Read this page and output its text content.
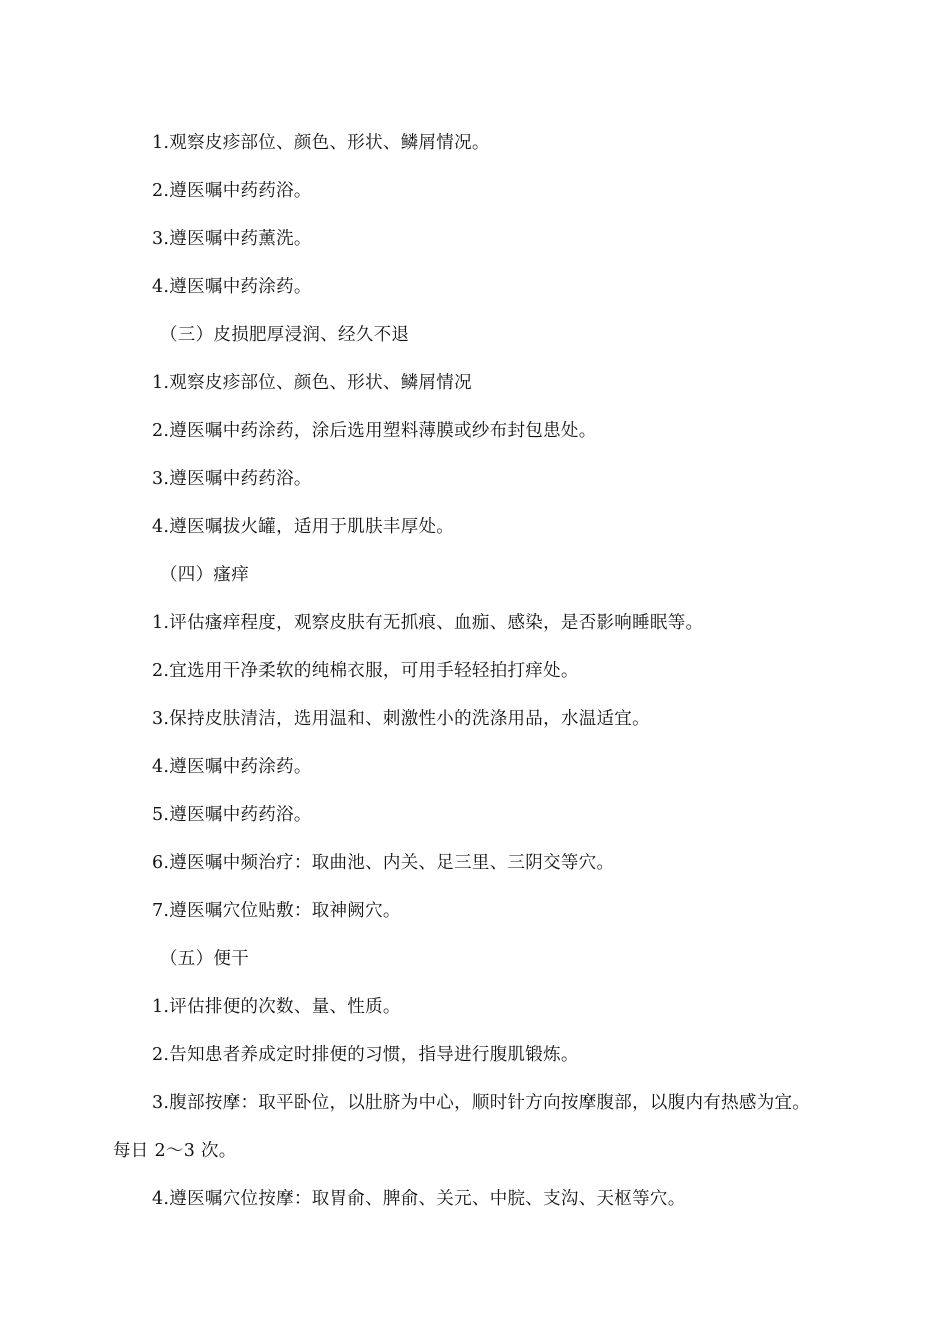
1.观察皮疹部位、颜色、形状、鳞屑情况。
2.遵医嘱中药药浴。
3.遵医嘱中药薰洗。
4.遵医嘱中药涂药。
（三）皮损肥厚浸润、经久不退
1.观察皮疹部位、颜色、形状、鳞屑情况
2.遵医嘱中药涂药，涂后选用塑料薄膜或纱布封包患处。
3.遵医嘱中药药浴。
4.遵医嘱拔火罐，适用于肌肤丰厚处。
（四）瘙痒
1.评估瘙痒程度，观察皮肤有无抓痕、血痂、感染，是否影响睡眠等。
2.宜选用干净柔软的纯棉衣服，可用手轻轻拍打痒处。
3.保持皮肤清洁，选用温和、刺激性小的洗涤用品，水温适宜。
4.遵医嘱中药涂药。
5.遵医嘱中药药浴。
6.遵医嘱中频治疗：取曲池、内关、足三里、三阴交等穴。
7.遵医嘱穴位贴敷：取神阙穴。
（五）便干
1.评估排便的次数、量、性质。
2.告知患者养成定时排便的习惯，指导进行腹肌锻炼。
3.腹部按摩：取平卧位，以肚脐为中心，顺时针方向按摩腹部，以腹内有热感为宜。
每日 2～3 次。
4.遵医嘱穴位按摩：取胃俞、脾俞、关元、中脘、支沟、天枢等穴。
